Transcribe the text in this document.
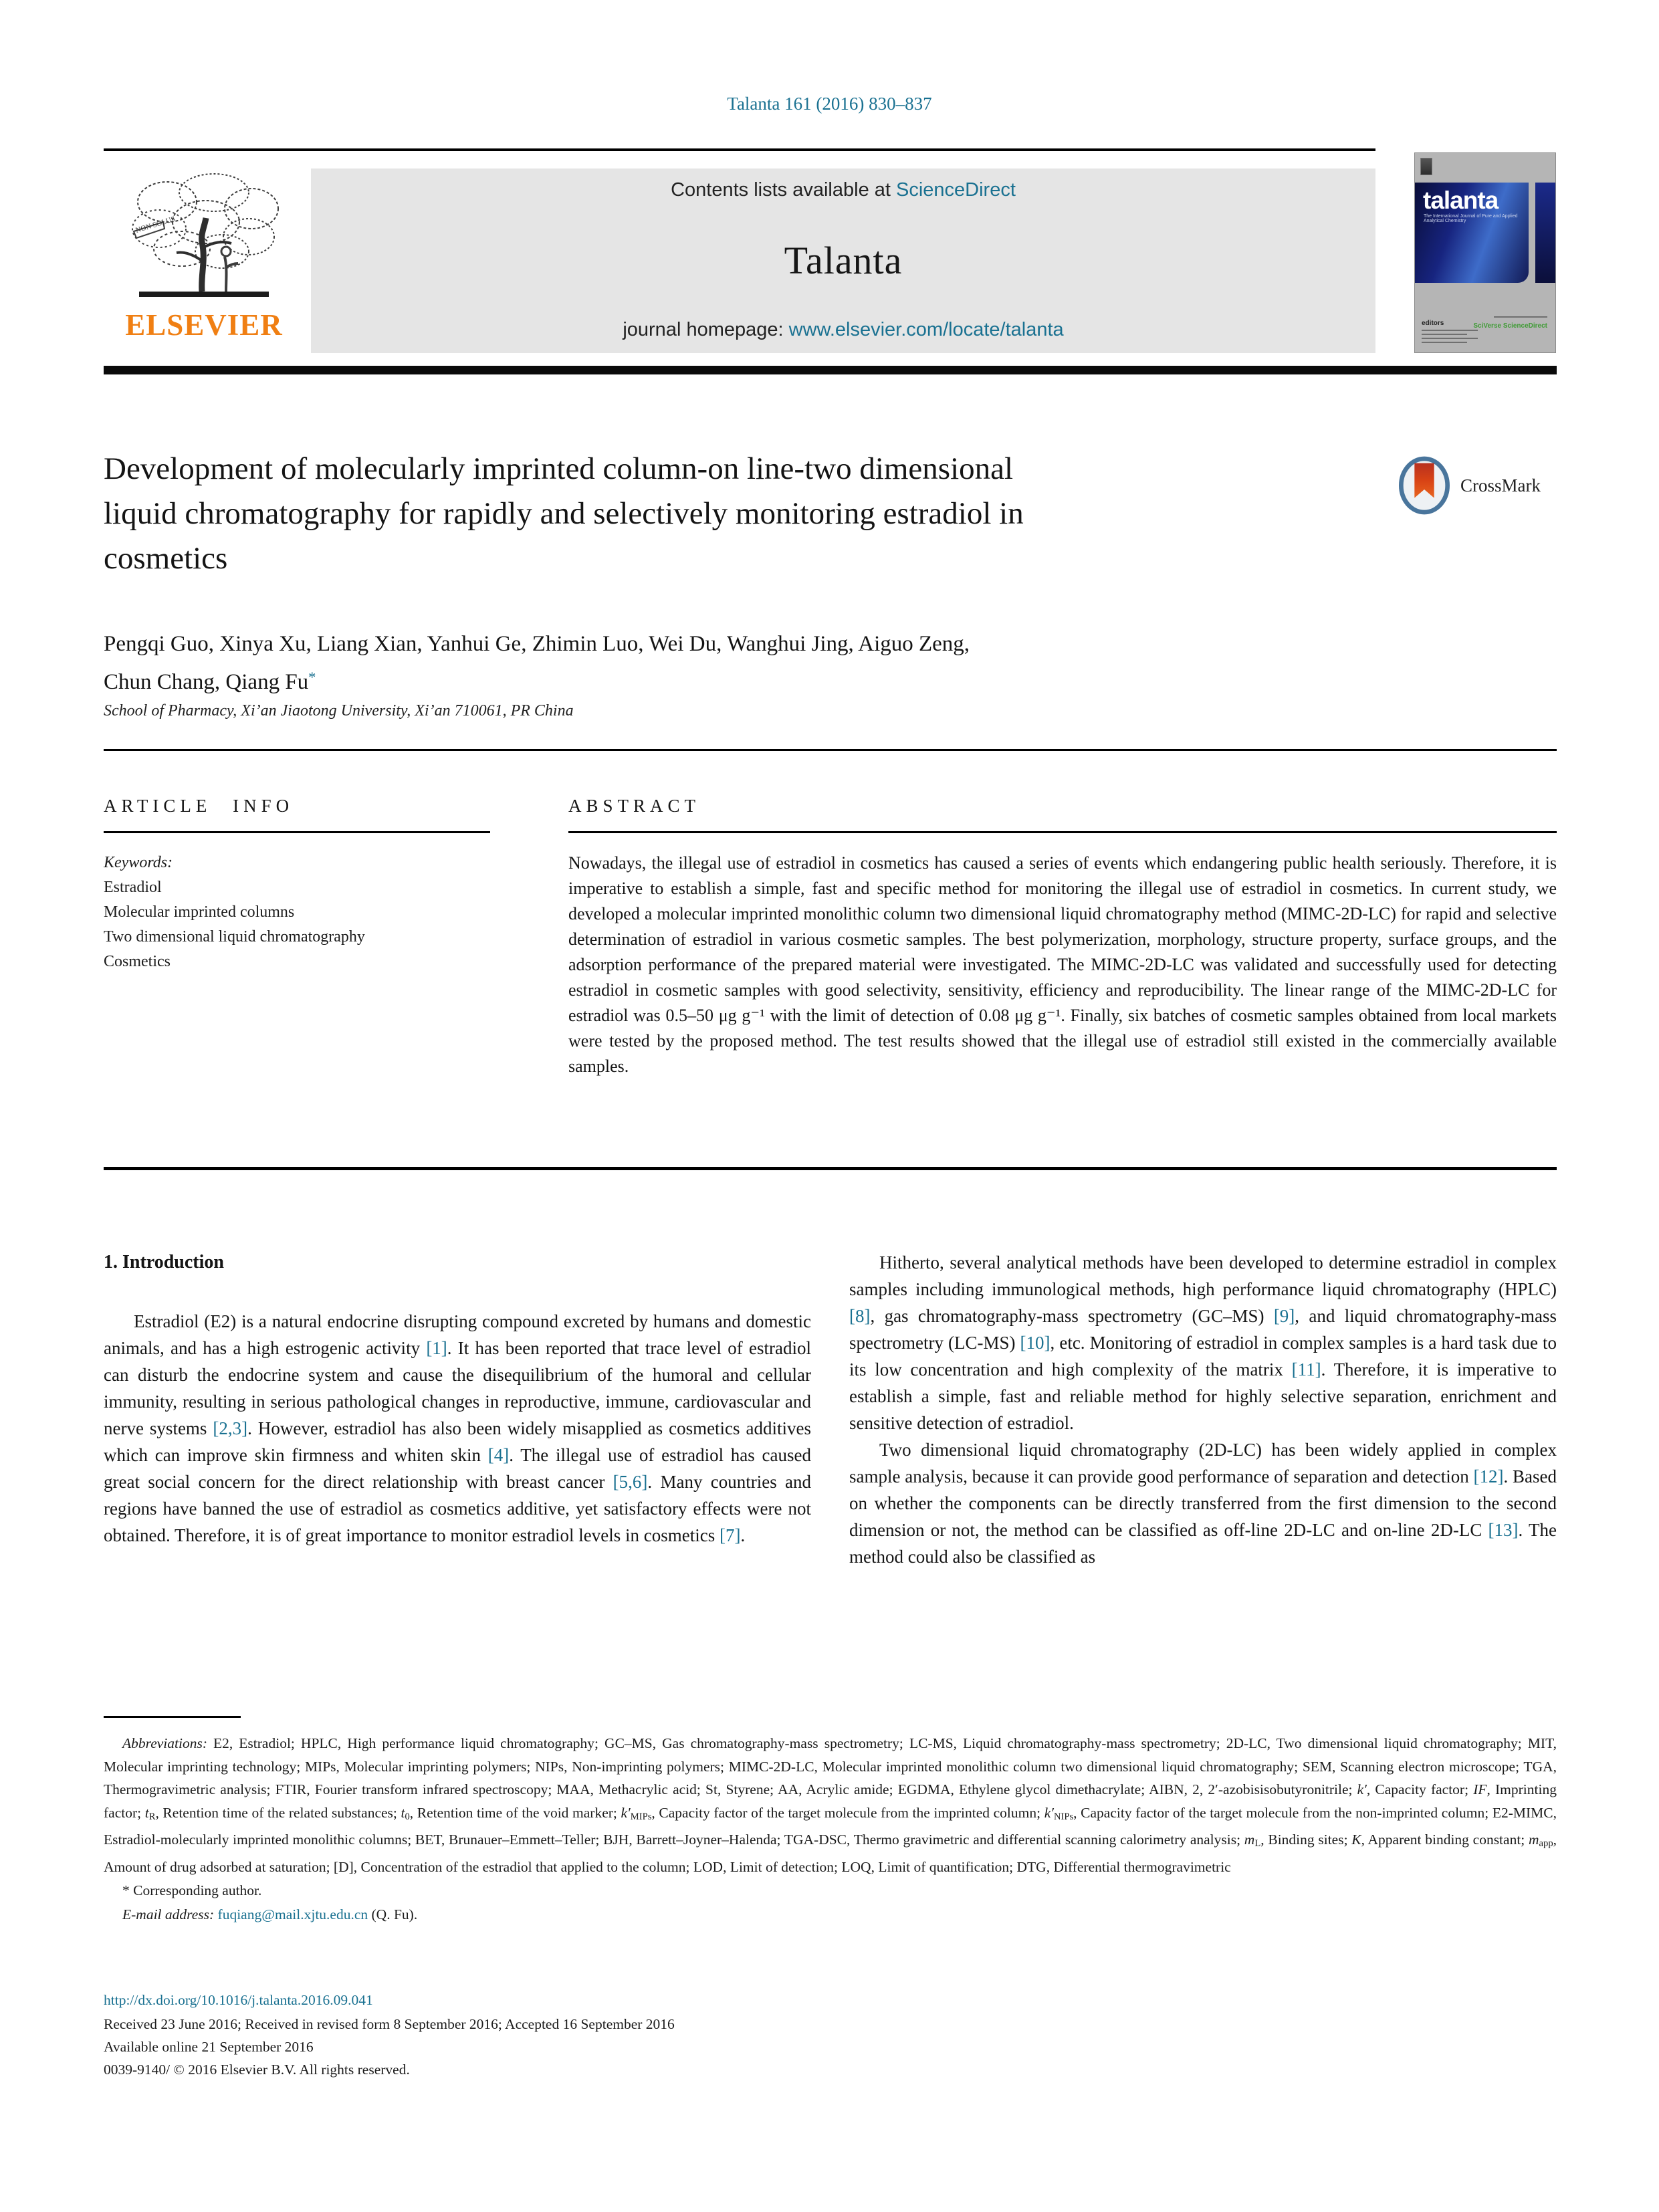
Talanta 161 (2016) 830–837
NON SOLUS
ELSEVIER
Contents lists available at ScienceDirect
Talanta
journal homepage: www.elsevier.com/locate/talanta
talanta
The International Journal of Pure and Applied Analytical Chemistry
editors	SciVerse ScienceDirect
Development of molecularly imprinted column-on line-two dimensional
liquid chromatography for rapidly and selectively monitoring estradiol in
cosmetics
CrossMark
Pengqi Guo, Xinya Xu, Liang Xian, Yanhui Ge, Zhimin Luo, Wei Du, Wanghui Jing, Aiguo Zeng,
Chun Chang, Qiang Fu*
School of Pharmacy, Xi’an Jiaotong University, Xi’an 710061, PR China
ARTICLE INFO
Keywords:
Estradiol
Molecular imprinted columns
Two dimensional liquid chromatography
Cosmetics
ABSTRACT
Nowadays, the illegal use of estradiol in cosmetics has caused a series of events which endangering public health seriously. Therefore, it is imperative to establish a simple, fast and specific method for monitoring the illegal use of estradiol in cosmetics. In current study, we developed a molecular imprinted monolithic column two dimensional liquid chromatography method (MIMC-2D-LC) for rapid and selective determination of estradiol in various cosmetic samples. The best polymerization, morphology, structure property, surface groups, and the adsorption performance of the prepared material were investigated. The MIMC-2D-LC was validated and successfully used for detecting estradiol in cosmetic samples with good selectivity, sensitivity, efficiency and reproducibility. The linear range of the MIMC-2D-LC for estradiol was 0.5–50 μg g⁻¹ with the limit of detection of 0.08 μg g⁻¹. Finally, six batches of cosmetic samples obtained from local markets were tested by the proposed method. The test results showed that the illegal use of estradiol still existed in the commercially available samples.
1. Introduction
Estradiol (E2) is a natural endocrine disrupting compound excreted by humans and domestic animals, and has a high estrogenic activity [1]. It has been reported that trace level of estradiol can disturb the endocrine system and cause the disequilibrium of the humoral and cellular immunity, resulting in serious pathological changes in reproductive, immune, cardiovascular and nerve systems [2,3]. However, estradiol has also been widely misapplied as cosmetics additives which can improve skin firmness and whiten skin [4]. The illegal use of estradiol has caused great social concern for the direct relationship with breast cancer [5,6]. Many countries and regions have banned the use of estradiol as cosmetics additive, yet satisfactory effects were not obtained. Therefore, it is of great importance to monitor estradiol levels in cosmetics [7].
Hitherto, several analytical methods have been developed to determine estradiol in complex samples including immunological methods, high performance liquid chromatography (HPLC) [8], gas chromatography-mass spectrometry (GC–MS) [9], and liquid chromatography-mass spectrometry (LC-MS) [10], etc. Monitoring of estradiol in complex samples is a hard task due to its low concentration and high complexity of the matrix [11]. Therefore, it is imperative to establish a simple, fast and reliable method for highly selective separation, enrichment and sensitive detection of estradiol.
Two dimensional liquid chromatography (2D-LC) has been widely applied in complex sample analysis, because it can provide good performance of separation and detection [12]. Based on whether the components can be directly transferred from the first dimension to the second dimension or not, the method can be classified as off-line 2D-LC and on-line 2D-LC [13]. The method could also be classified as
Abbreviations: E2, Estradiol; HPLC, High performance liquid chromatography; GC–MS, Gas chromatography-mass spectrometry; LC-MS, Liquid chromatography-mass spectrometry; 2D-LC, Two dimensional liquid chromatography; MIT, Molecular imprinting technology; MIPs, Molecular imprinting polymers; NIPs, Non-imprinting polymers; MIMC-2D-LC, Molecular imprinted monolithic column two dimensional liquid chromatography; SEM, Scanning electron microscope; TGA, Thermogravimetric analysis; FTIR, Fourier transform infrared spectroscopy; MAA, Methacrylic acid; St, Styrene; AA, Acrylic amide; EGDMA, Ethylene glycol dimethacrylate; AIBN, 2, 2′-azobisisobutyronitrile; k′, Capacity factor; IF, Imprinting factor; $t_R$, Retention time of the related substances; $t_0$, Retention time of the void marker; $k'_{MIPs}$, Capacity factor of the target molecule from the imprinted column; $k'_{NIPs}$, Capacity factor of the target molecule from the non-imprinted column; E2-MIMC, Estradiol-molecularly imprinted monolithic columns; BET, Brunauer–Emmett–Teller; BJH, Barrett–Joyner–Halenda; TGA-DSC, Thermo gravimetric and differential scanning calorimetry analysis; $m_L$, Binding sites; K, Apparent binding constant; $m_{app}$, Amount of drug adsorbed at saturation; [D], Concentration of the estradiol that applied to the column; LOD, Limit of detection; LOQ, Limit of quantification; DTG, Differential thermogravimetric
* Corresponding author.
E-mail address: fuqiang@mail.xjtu.edu.cn (Q. Fu).
http://dx.doi.org/10.1016/j.talanta.2016.09.041
Received 23 June 2016; Received in revised form 8 September 2016; Accepted 16 September 2016
Available online 21 September 2016
0039-9140/ © 2016 Elsevier B.V. All rights reserved.
